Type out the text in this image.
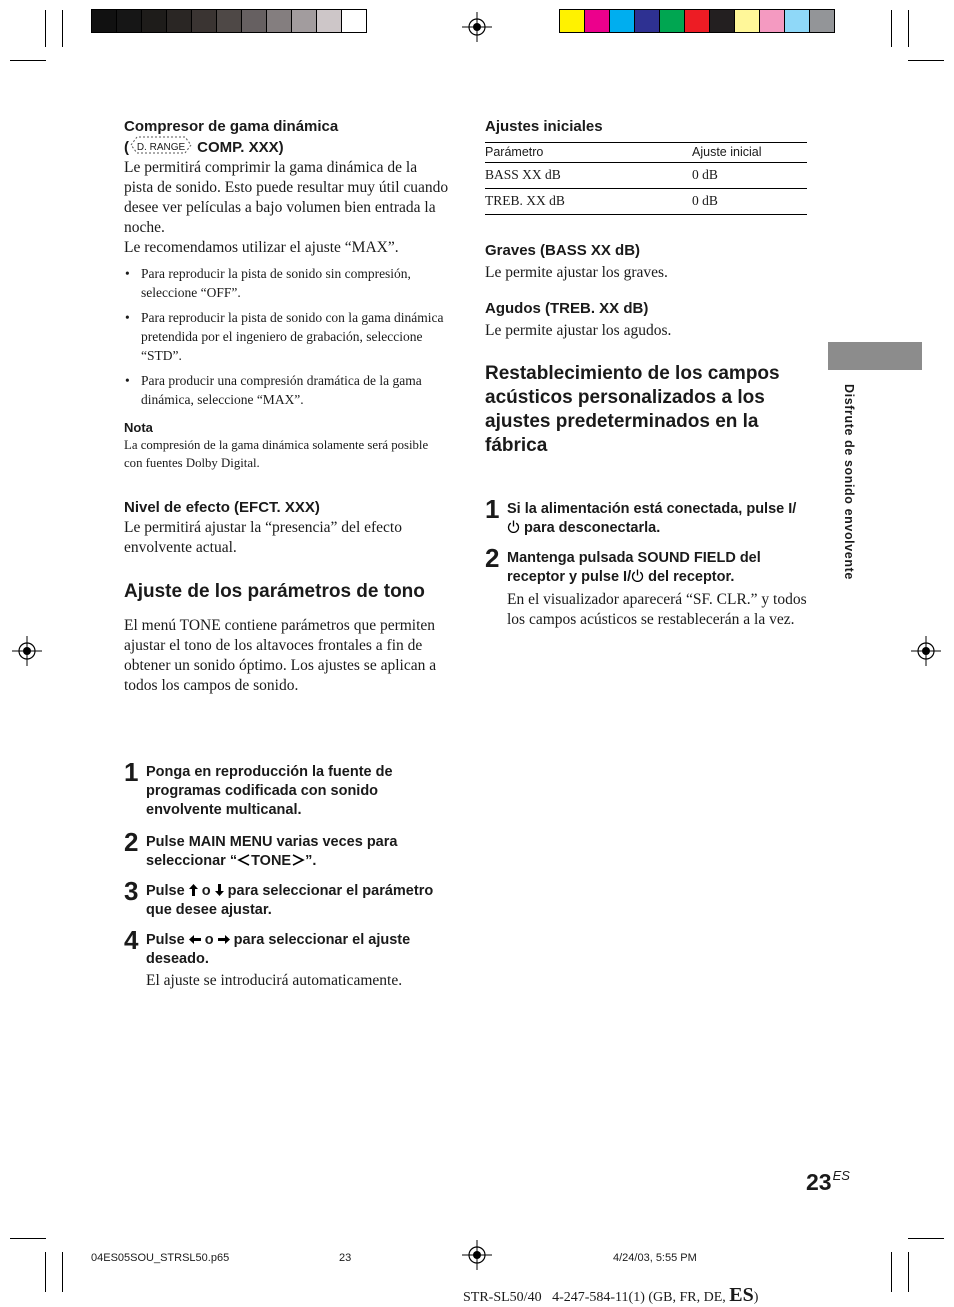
Compresor de gama dinámica
( D. RANGE COMP. XXX)
Le permitirá comprimir la gama dinámica de la pista de sonido. Esto puede resultar muy útil cuando desee ver películas a bajo volumen bien entrada la noche.
Le recomendamos utilizar el ajuste “MAX”.
• Para reproducir la pista de sonido sin compresión, seleccione “OFF”.
• Para reproducir la pista de sonido con la gama dinámica pretendida por el ingeniero de grabación, seleccione “STD”.
• Para producir una compresión dramática de la gama dinámica, seleccione “MAX”.
Nota
La compresión de la gama dinámica solamente será posible con fuentes Dolby Digital.
Nivel de efecto (EFCT. XXX)
Le permitirá ajustar la “presencia” del efecto envolvente actual.
Ajuste de los parámetros de tono
El menú TONE contiene parámetros que permiten ajustar el tono de los altavoces frontales a fin de obtener un sonido óptimo. Los ajustes se aplican a todos los campos de sonido.
1 Ponga en reproducción la fuente de programas codificada con sonido envolvente multicanal.
2 Pulse MAIN MENU varias veces para seleccionar “ TONE ”.
3 Pulse o para seleccionar el parámetro que desee ajustar.
4 Pulse o para seleccionar el ajuste deseado.
El ajuste se introducirá automaticamente.
Ajustes iniciales
Parámetro	Ajuste inicial
BASS XX dB	0 dB
TREB. XX dB	0 dB
Graves (BASS XX dB)
Le permite ajustar los graves.
Agudos (TREB. XX dB)
Le permite ajustar los agudos.
Restablecimiento de los campos acústicos personalizados a los ajustes predeterminados en la fábrica
1 Si la alimentación está conectada, pulse I/ para desconectarla.
2 Mantenga pulsada SOUND FIELD del receptor y pulse I/ del receptor.
En el visualizador aparecerá “SF. CLR.” y todos los campos acústicos se restablecerán a la vez.
Disfrute de sonido envolvente
$23^{ES}$
04ES05SOU_STRSL50.p65	23	4/24/03, 5:55 PM

STR-SL50/40   4-247-584-11(1) (GB, FR, DE, ES)
